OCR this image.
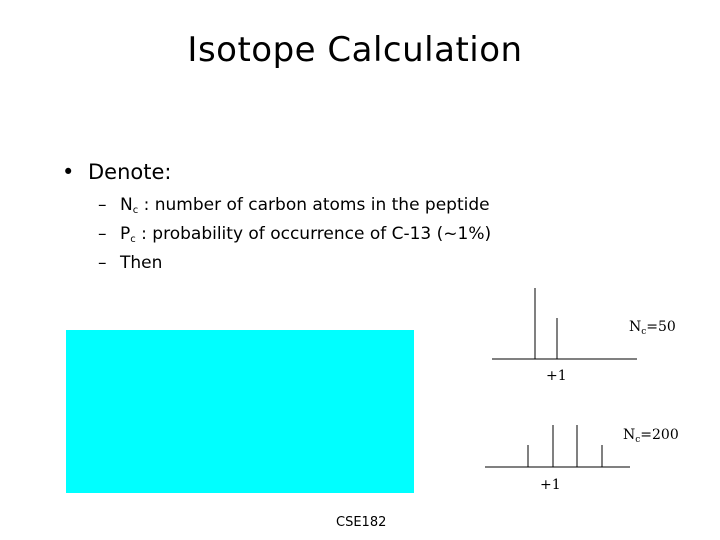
Isotope Calculation
• Denote:
– $N_c$ : number of carbon atoms in the peptide
– $P_c$ : probability of occurrence of C-13 (~1%)
– Then
$N_c=50$
+1
$N_c=200$
+1
CSE182
